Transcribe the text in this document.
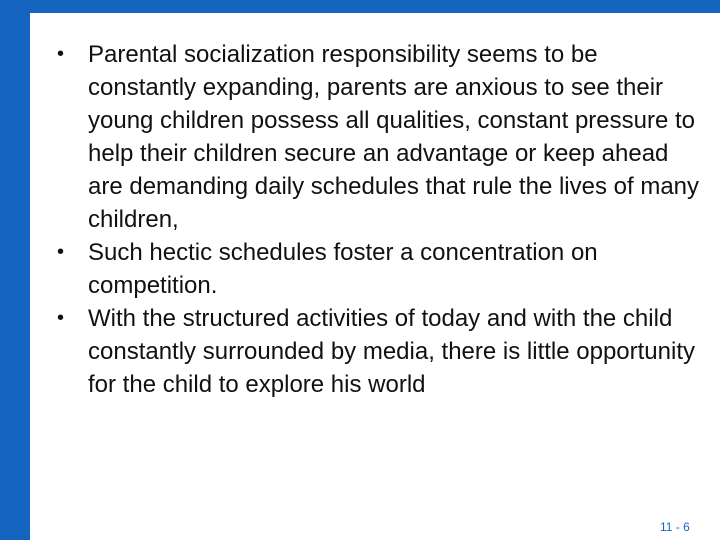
• Parental socialization responsibility seems to be constantly expanding, parents are anxious to see their young children possess all qualities, constant pressure to help their children secure an advantage or keep ahead are demanding daily schedules that rule the lives of many children,
• Such hectic schedules foster a concentration on competition.
• With the structured activities of today and with the child constantly surrounded by media, there is little opportunity for the child to explore his world
11 - 6
